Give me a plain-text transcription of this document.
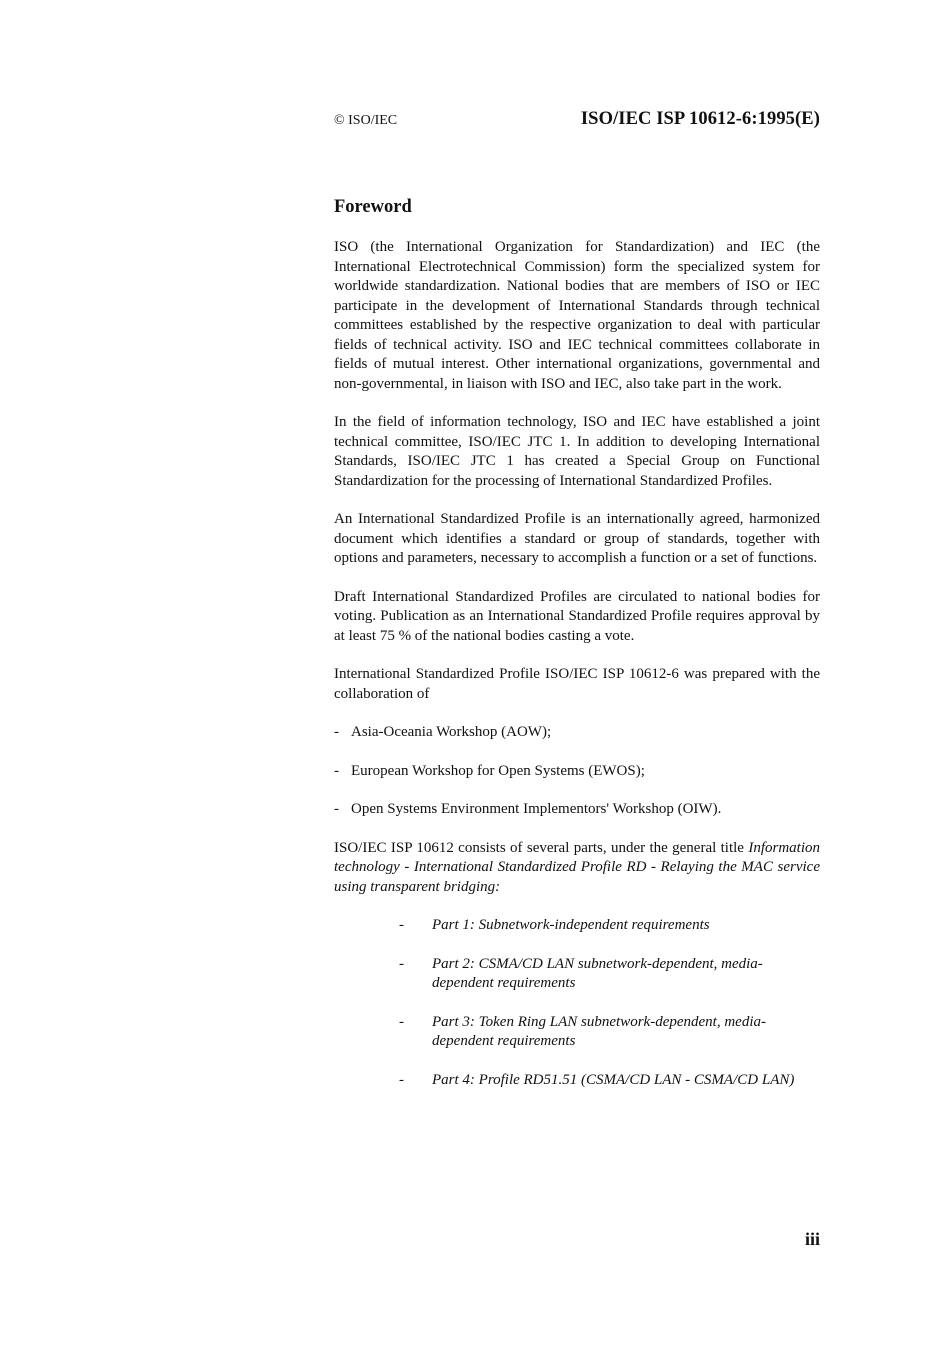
© ISO/IEC	ISO/IEC ISP 10612-6:1995(E)
Foreword

ISO (the International Organization for Standardization) and IEC (the International Electrotechnical Commission) form the specialized system for worldwide standardization. National bodies that are members of ISO or IEC participate in the development of International Standards through technical committees established by the respective organization to deal with particular fields of technical activity. ISO and IEC technical committees collaborate in fields of mutual interest. Other international organizations, governmental and non-governmental, in liaison with ISO and IEC, also take part in the work.

In the field of information technology, ISO and IEC have established a joint technical committee, ISO/IEC JTC 1. In addition to developing International Standards, ISO/IEC JTC 1 has created a Special Group on Functional Standardization for the processing of International Standardized Profiles.

An International Standardized Profile is an internationally agreed, harmonized document which identifies a standard or group of standards, together with options and parameters, necessary to accomplish a function or a set of functions.

Draft International Standardized Profiles are circulated to national bodies for voting. Publication as an International Standardized Profile requires approval by at least 75 % of the national bodies casting a vote.

International Standardized Profile ISO/IEC ISP 10612-6 was prepared with the collaboration of

- Asia-Oceania Workshop (AOW);
- European Workshop for Open Systems (EWOS);
- Open Systems Environment Implementors' Workshop (OIW).

ISO/IEC ISP 10612 consists of several parts, under the general title Information technology - International Standardized Profile RD - Relaying the MAC service using transparent bridging:

- Part 1: Subnetwork-independent requirements
- Part 2: CSMA/CD LAN subnetwork-dependent, media-dependent requirements
- Part 3: Token Ring LAN subnetwork-dependent, media-dependent requirements
- Part 4: Profile RD51.51 (CSMA/CD LAN - CSMA/CD LAN)
iii
